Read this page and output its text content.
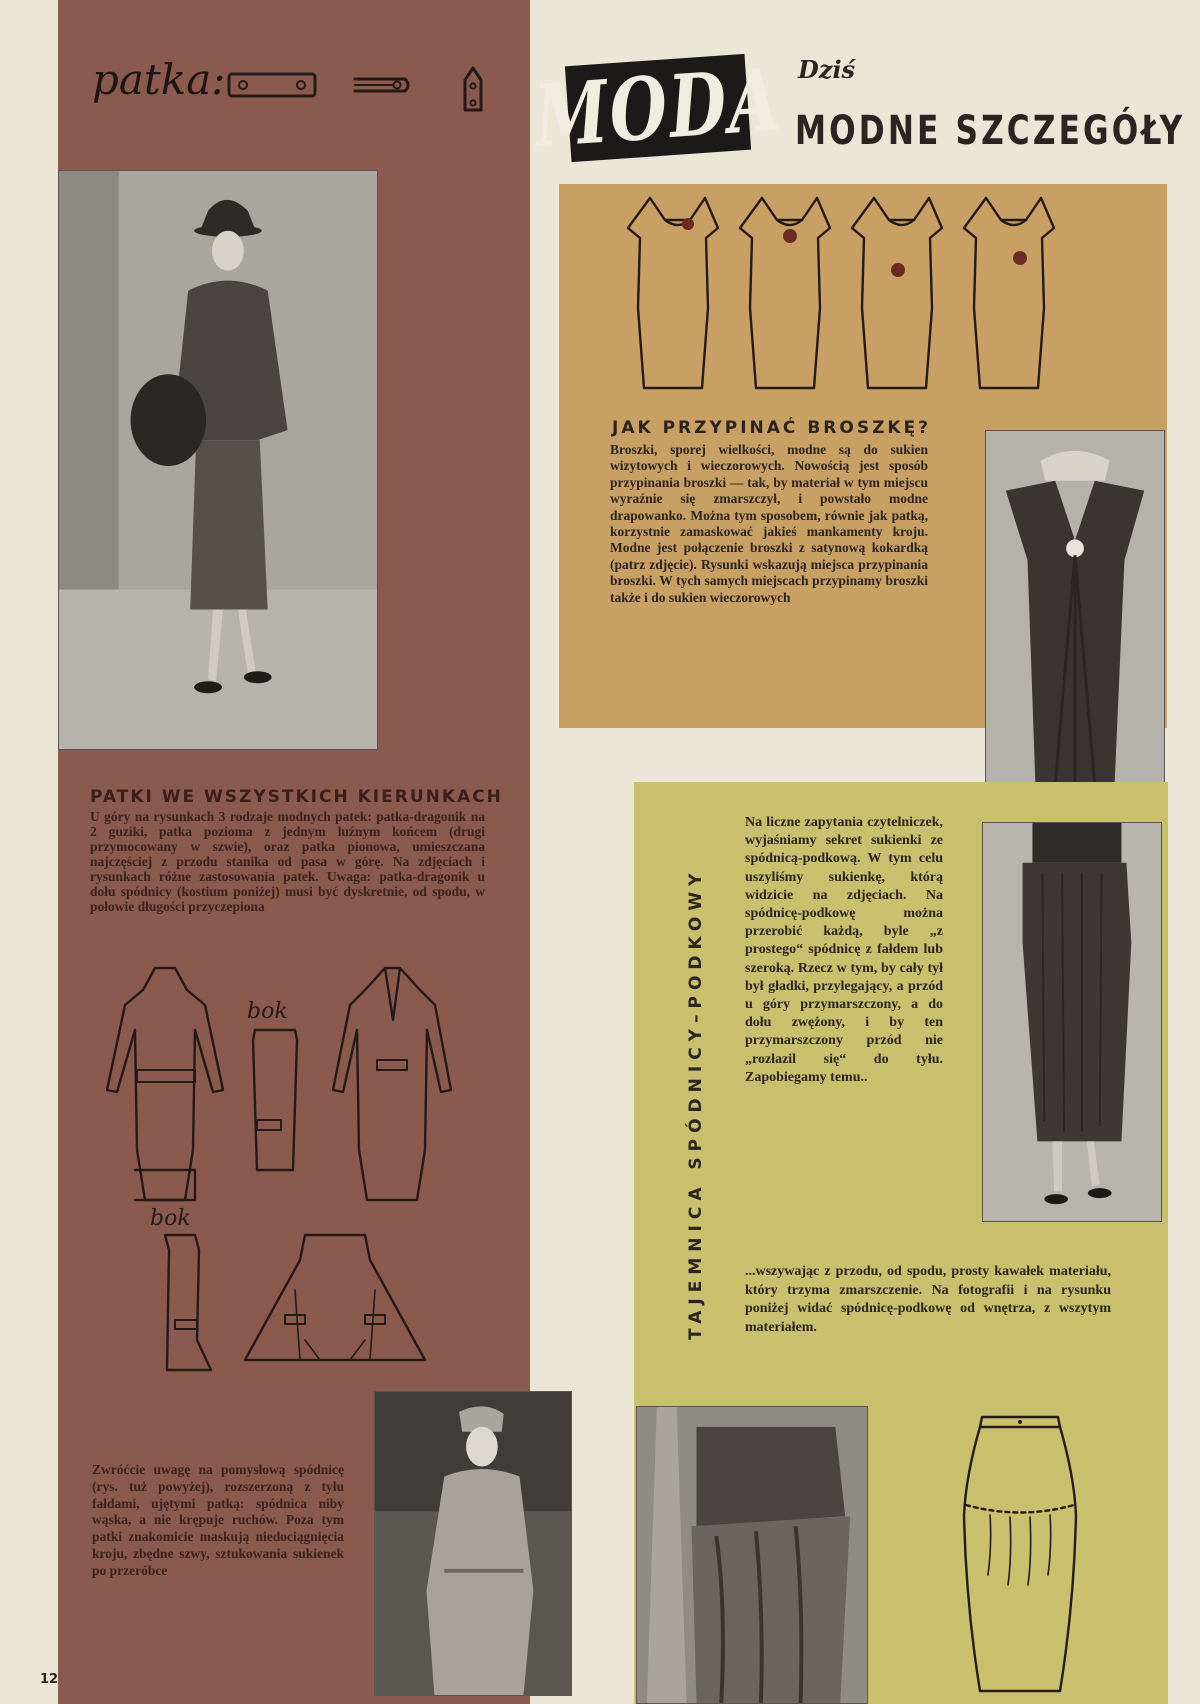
patka:	MODA Dziś
MODNE SZCZEGÓŁY
JAK PRZYPINAĆ BROSZKĘ?
Broszki, sporej wielkości, modne są do sukien wizytowych i wieczorowych. Nowością jest sposób przypinania broszki — tak, by materiał w tym miejscu wyraźnie się zmarszczył, i powstało modne drapowanko. Można tym sposobem, równie jak patką, korzystnie zamaskować jakieś mankamenty kroju. Modne jest połączenie broszki z satynową kokardką (patrz zdjęcie). Rysunki wskazują miejsca przypinania broszki. W tych samych miejscach przypinamy broszki także i do sukien wieczorowych
TAJEMNICA SPÓDNICY–PODKOWY
Na liczne zapytania czytelniczek, wyjaśniamy sekret sukienki ze spódnicą-podkową. W tym celu uszyliśmy sukienkę, którą widzicie na zdjęciach. Na spódnicę-podkowę można przerobić każdą, byle „z prostego“ spódnicę z fałdem lub szeroką. Rzecz w tym, by cały tył był gładki, przylegający, a przód u góry przymarszczony, a do dołu zwężony, i by ten przymarszczony przód nie „rozłazil się“ do tyłu. Zapobiegamy temu..
...wszywając z przodu, od spodu, prosty kawałek materiału, który trzyma zmarszczenie. Na fotografii i na rysunku poniżej widać spódnicę-podkowę od wnętrza, z wszytym materiałem.
PATKI WE WSZYSTKICH KIERUNKACH
U góry na rysunkach 3 rodzaje modnych patek: patka-dragonik na 2 guziki, patka pozioma z jednym luźnym końcem (drugi przymocowany w szwie), oraz patka pionowa, umieszczana najczęściej z przodu stanika od pasa w górę. Na zdjęciach i rysunkach różne zastosowania patek. Uwaga: patka-dragonik u dołu spódnicy (kostium poniżej) musi być dyskretnie, od spodu, w połowie długości przyczepiona
bok
bok
Zwróćcie uwagę na pomysłową spódnicę (rys. tuż powyżej), rozszerzoną z tyłu fałdami, ujętymi patką: spódnica niby wąska, a nie krępuje ruchów. Poza tym patki znakomicie maskują niedociągnięcia kroju, zbędne szwy, sztukowania sukienek po przeróbce
12
